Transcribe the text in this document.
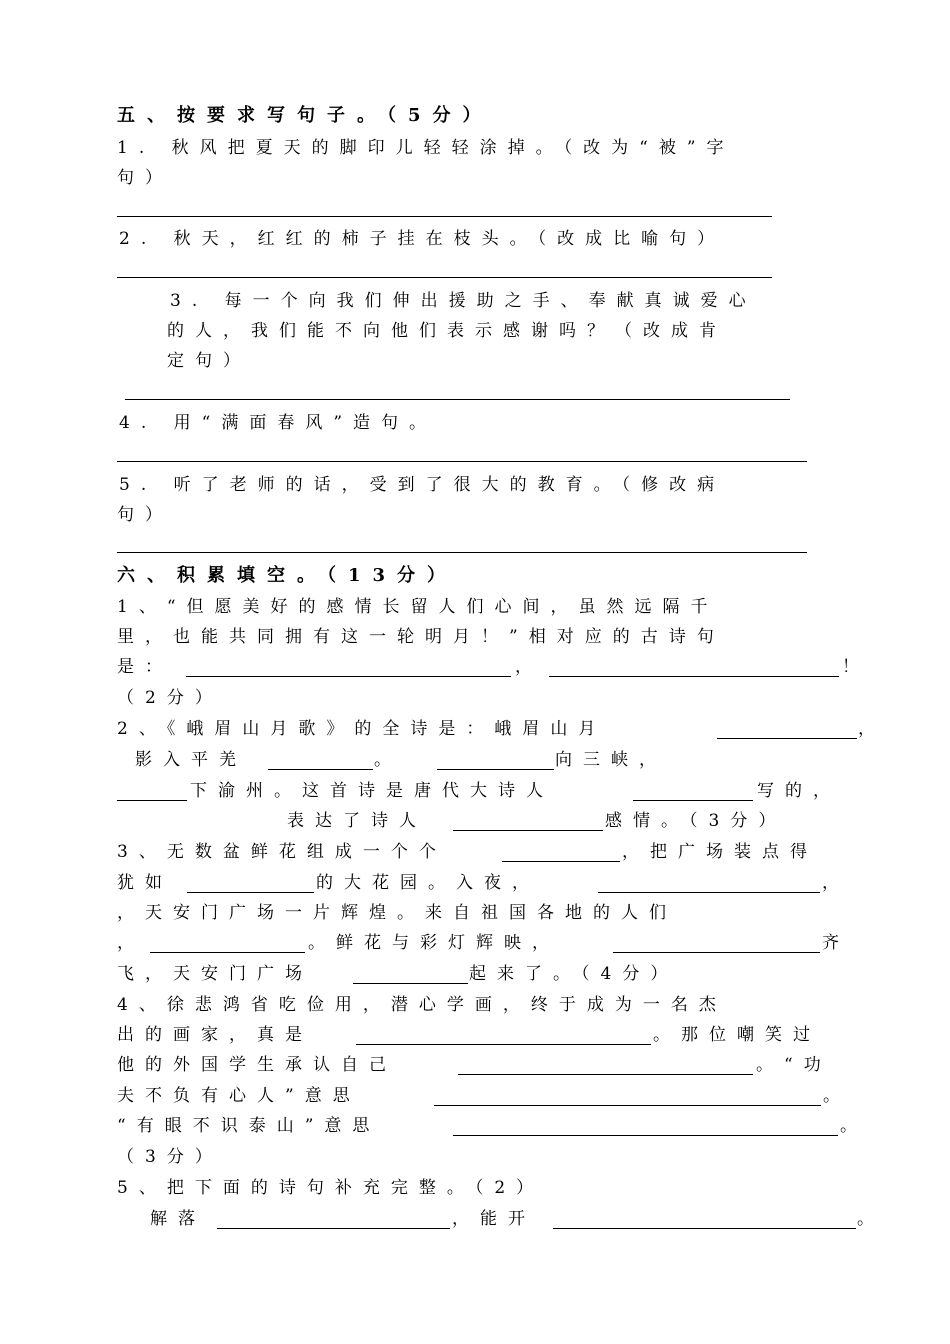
五、按要求写句子。（5分）
1. 秋风把夏天的脚印儿轻轻涂掉。（改为“被”字
句）
2. 秋天，红红的柿子挂在枝头。（改成比喻句）
3. 每一个向我们伸出援助之手、奉献真诚爱心
的人，我们能不向他们表示感谢吗？（改成肯
定句）
4. 用“满面春风”造句。
5. 听了老师的话，受到了很大的教育。（修改病
句）
六、积累填空。（13分）
1、“但愿美好的感情长留人们心间，虽然远隔千
里，也能共同拥有这一轮明月！”相对应的古诗句
是：	，	！
（2分）
2、《峨眉山月歌》的全诗是：峨眉山月	，
影入平羌	。	向三峡，
下渝州。这首诗是唐代大诗人	写的，
表达了诗人	感情。（3分）
3、无数盆鲜花组成一个个	，把广场装点得
犹如	的大花园。入夜，	，
，天安门广场一片辉煌。来自祖国各地的人们
，	。鲜花与彩灯辉映，	齐
飞，天安门广场	起来了。（4分）
4、徐悲鸿省吃俭用，潜心学画，终于成为一名杰
出的画家，真是	。那位嘲笑过
他的外国学生承认自己	。“功
夫不负有心人”意思	。
“有眼不识泰山”意思	。
（3分）
5、把下面的诗句补充完整。（2）
解落	，能开	。
